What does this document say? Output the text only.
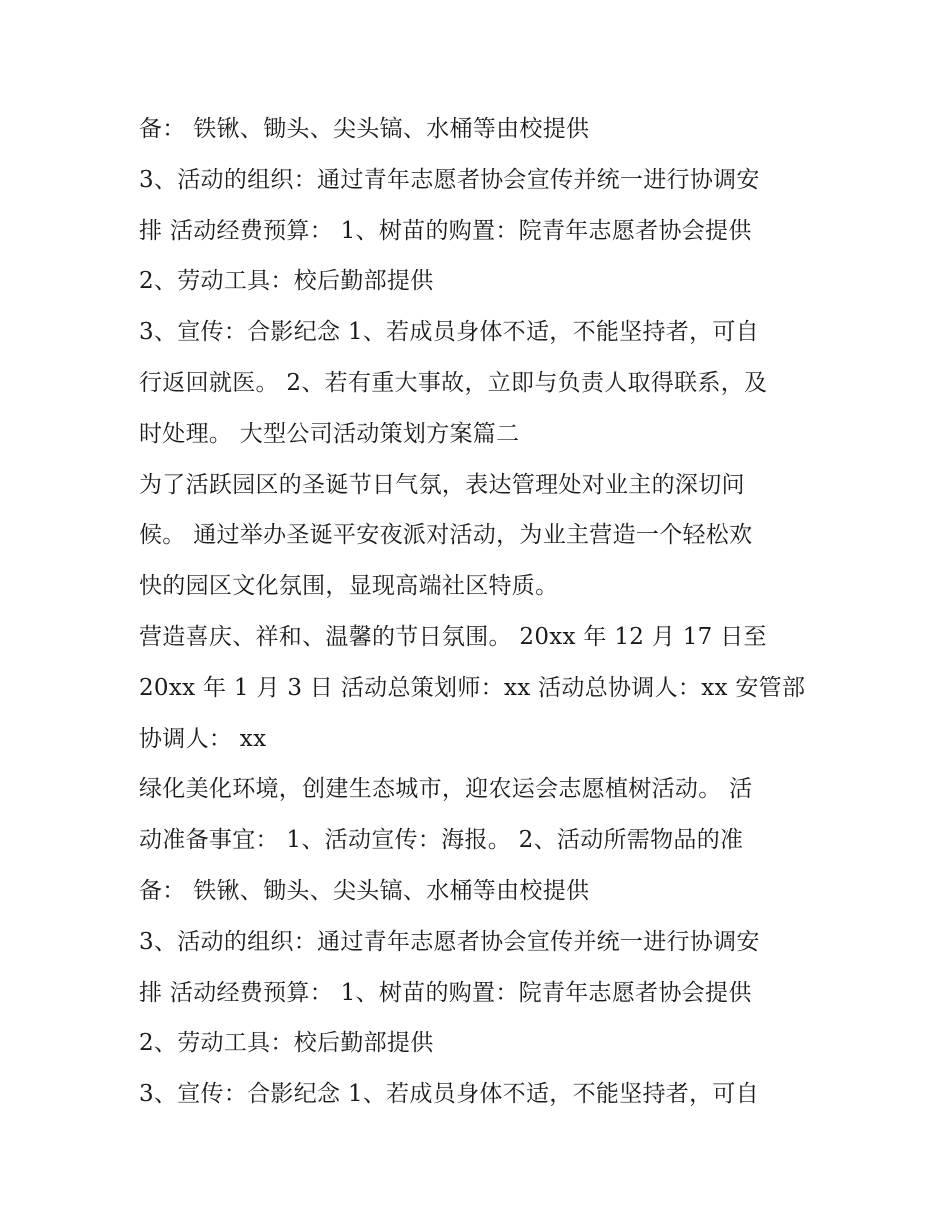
备： 铁锹、锄头、尖头镐、水桶等由校提供
3、活动的组织：通过青年志愿者协会宣传并统一进行协调安
排 活动经费预算： 1、树苗的购置：院青年志愿者协会提供
2、劳动工具：校后勤部提供
3、宣传：合影纪念 1、若成员身体不适，不能坚持者，可自
行返回就医。 2、若有重大事故，立即与负责人取得联系，及
时处理。 大型公司活动策划方案篇二
为了活跃园区的圣诞节日气氛，表达管理处对业主的深切问
候。 通过举办圣诞平安夜派对活动，为业主营造一个轻松欢
快的园区文化氛围，显现高端社区特质。
营造喜庆、祥和、温馨的节日氛围。 20xx 年 12 月 17 日至
20xx 年 1 月 3 日 活动总策划师：xx 活动总协调人：xx 安管部
协调人： xx
绿化美化环境，创建生态城市，迎农运会志愿植树活动。 活
动准备事宜： 1、活动宣传：海报。 2、活动所需物品的准
备： 铁锹、锄头、尖头镐、水桶等由校提供
3、活动的组织：通过青年志愿者协会宣传并统一进行协调安
排 活动经费预算： 1、树苗的购置：院青年志愿者协会提供
2、劳动工具：校后勤部提供
3、宣传：合影纪念 1、若成员身体不适，不能坚持者，可自
